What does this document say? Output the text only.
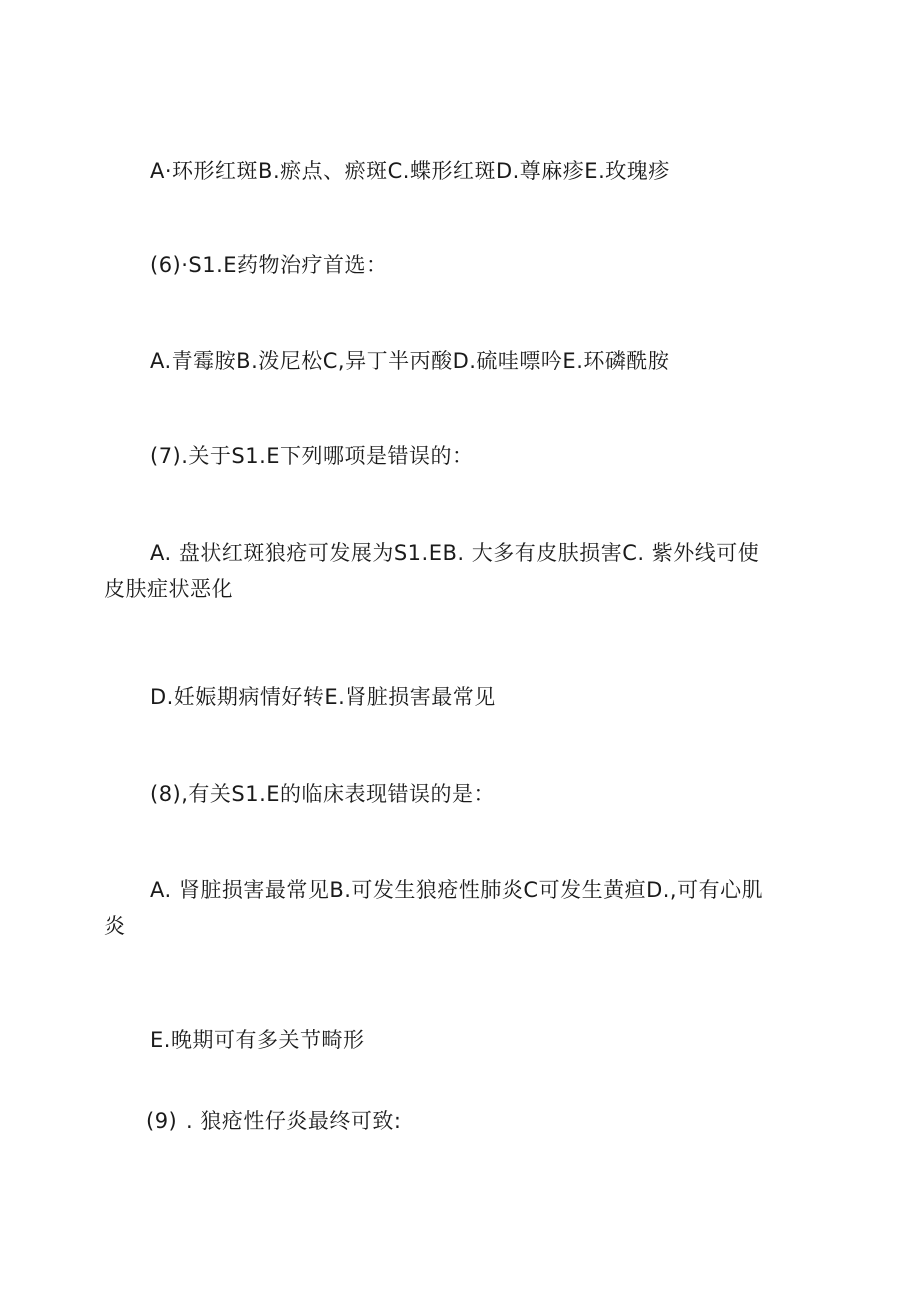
A·环形红斑B.瘀点、瘀斑C.蝶形红斑D.尊麻疹E.玫瑰疹
(6)·S1.E药物治疗首选：
A.青霉胺B.泼尼松C,异丁半丙酸D.硫哇嘌吟E.环磷酰胺
(7).关于S1.E下列哪项是错误的：
A. 盘状红斑狼疮可发展为S1.EB. 大多有皮肤损害C. 紫外线可使
皮肤症状恶化
D.妊娠期病情好转E.肾脏损害最常见
(8),有关S1.E的临床表现错误的是：
A. 肾脏损害最常见B.可发生狼疮性肺炎C可发生黄疸D.,可有心肌
炎
E.晚期可有多关节畸形
(9) . 狼疮性仔炎最终可致:
